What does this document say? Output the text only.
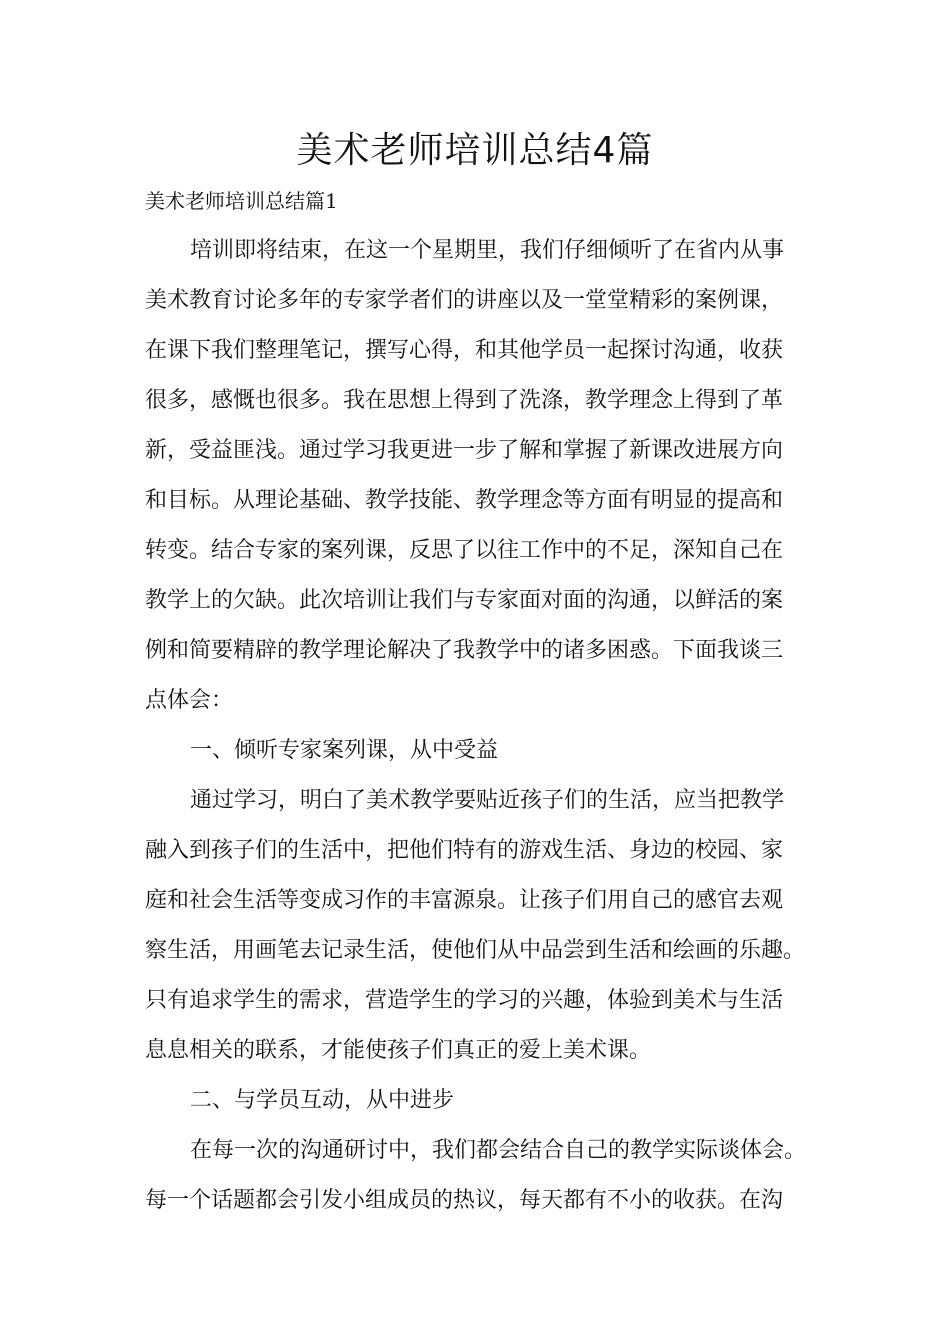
美术老师培训总结4篇

美术老师培训总结篇1

培训即将结束，在这一个星期里，我们仔细倾听了在省内从事

美术教育讨论多年的专家学者们的讲座以及一堂堂精彩的案例课，

在课下我们整理笔记，撰写心得，和其他学员一起探讨沟通，收获

很多，感慨也很多。我在思想上得到了洗涤，教学理念上得到了革

新，受益匪浅。通过学习我更进一步了解和掌握了新课改进展方向

和目标。从理论基础、教学技能、教学理念等方面有明显的提高和

转变。结合专家的案列课，反思了以往工作中的不足，深知自己在

教学上的欠缺。此次培训让我们与专家面对面的沟通，以鲜活的案

例和简要精辟的教学理论解决了我教学中的诸多困惑。下面我谈三

点体会：

一、倾听专家案列课，从中受益

通过学习，明白了美术教学要贴近孩子们的生活，应当把教学

融入到孩子们的生活中，把他们特有的游戏生活、身边的校园、家

庭和社会生活等变成习作的丰富源泉。让孩子们用自己的感官去观

察生活，用画笔去记录生活，使他们从中品尝到生活和绘画的乐趣。

只有追求学生的需求，营造学生的学习的兴趣，体验到美术与生活

息息相关的联系，才能使孩子们真正的爱上美术课。

二、与学员互动，从中进步

在每一次的沟通研讨中，我们都会结合自己的教学实际谈体会。

每一个话题都会引发小组成员的热议，每天都有不小的收获。在沟
